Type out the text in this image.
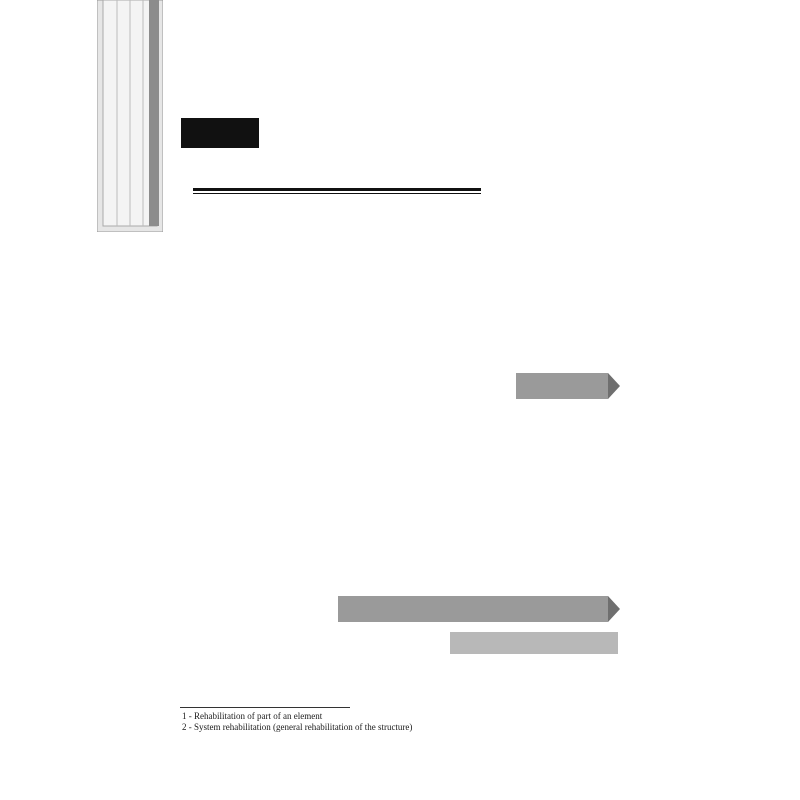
1 - Rehabilitation of part of an element
2 - System rehabilitation (general rehabilitation of the structure)
